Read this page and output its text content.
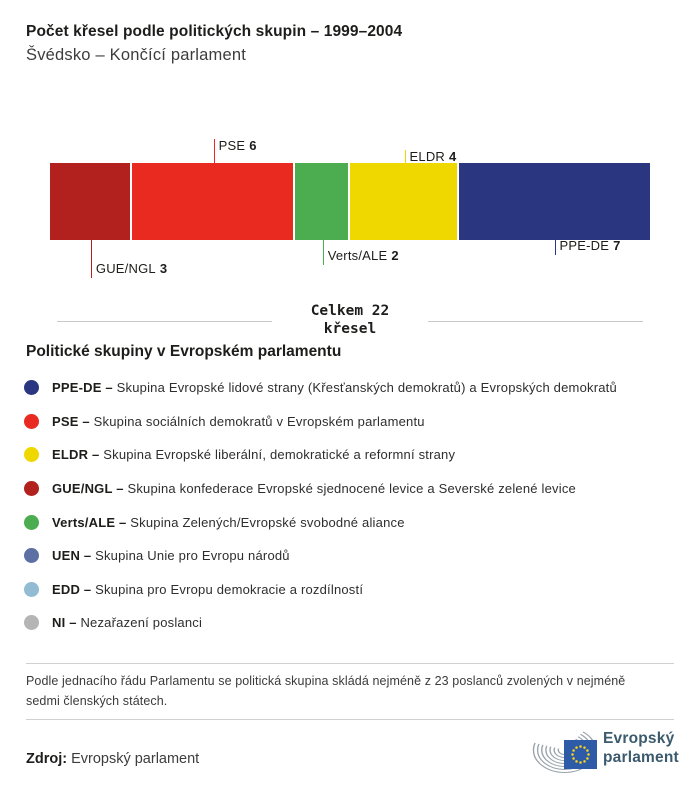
Počet křesel podle politických skupin – 1999–2004
Švédsko – Končící parlament
GUE/NGL 3
PSE 6
Verts/ALE 2
ELDR 4
PPE-DE 7
Celkem 22
křesel
Politické skupiny v Evropském parlamentu
PPE-DE – Skupina Evropské lidové strany (Křesťanských demokratů) a Evropských demokratů
PSE – Skupina sociálních demokratů v Evropském parlamentu
ELDR – Skupina Evropské liberální, demokratické a reformní strany
GUE/NGL – Skupina konfederace Evropské sjednocené levice a Severské zelené levice
Verts/ALE – Skupina Zelených/Evropské svobodné aliance
UEN – Skupina Unie pro Evropu národů
EDD – Skupina pro Evropu demokracie a rozdílností
NI – Nezařazení poslanci
Podle jednacího řádu Parlamentu se politická skupina skládá nejméně z 23 poslanců zvolených v nejméně sedmi členských státech.
Zdroj: Evropský parlament
Evropský
parlament
